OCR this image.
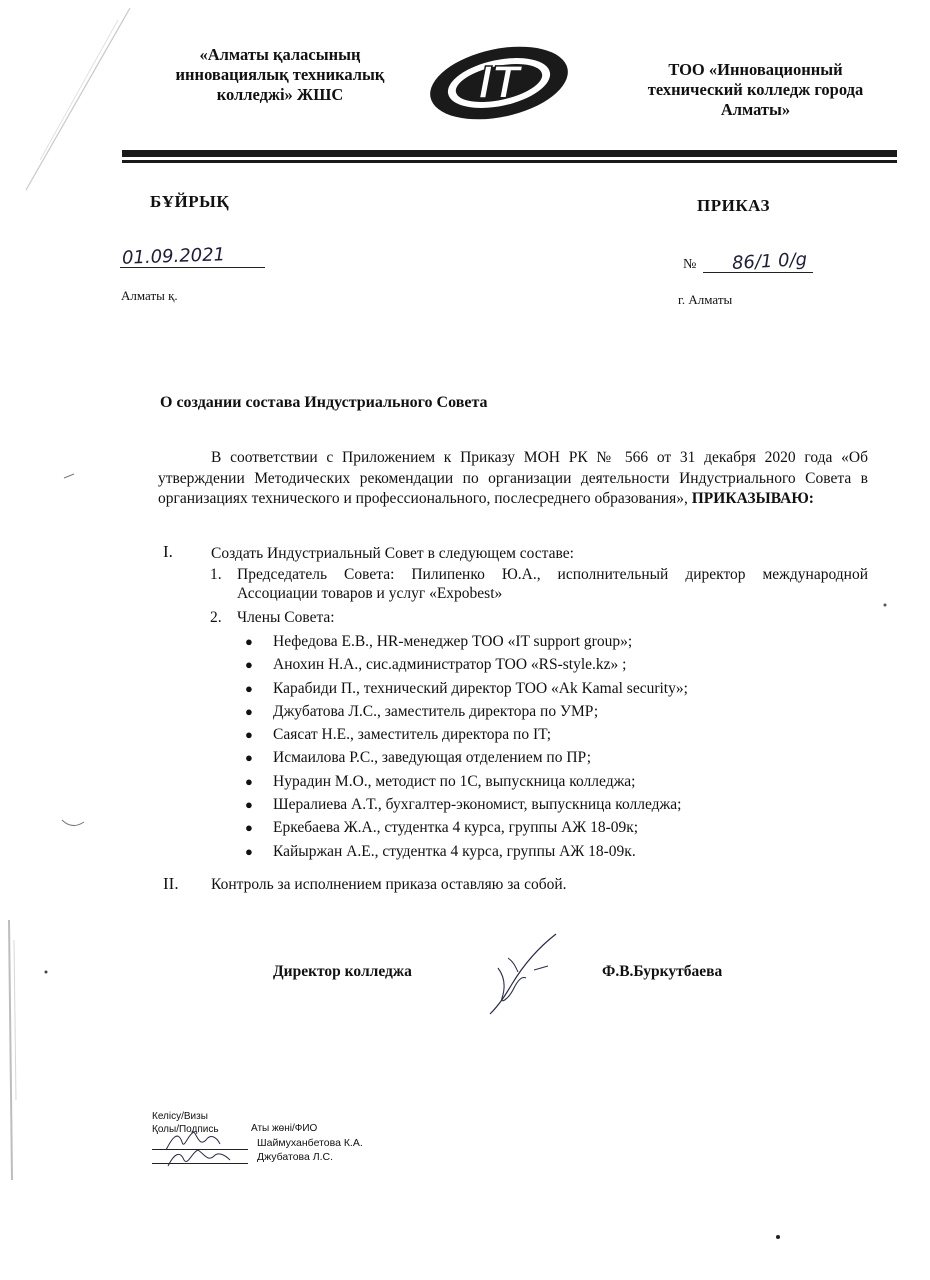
«Алматы қаласының
инновациялық техникалық
колледжі» ЖШС	IT	ТОО «Инновационный
технический колледж города
Алматы»
БҰЙРЫҚ	ПРИКАЗ
01.09.2021
Алматы қ.
№ 86/1 0/g
г. Алматы
О создании состава Индустриального Совета
В соответствии с Приложением к Приказу МОН РК № 566 от 31 декабря 2020 года «Об утверждении Методических рекомендации по организации деятельности Индустриального Совета в организациях технического и профессионального, послесреднего образования», ПРИКАЗЫВАЮ:
I. Создать Индустриальный Совет в следующем составе:
1. Председатель Совета: Пилипенко Ю.А., исполнительный директор международной Ассоциации товаров и услуг «Expobest»
2. Члены Совета:
● Нефедова Е.В., HR-менеджер ТОО «IT support group»;
● Анохин Н.А., сис.администратор ТОО «RS-style.kz» ;
● Карабиди П., технический директор ТОО «Ak Kamal security»;
● Джубатова Л.С., заместитель директора по УМР;
● Саясат Н.Е., заместитель директора по IT;
● Исмаилова Р.С., заведующая отделением по ПР;
● Нурадин М.О., методист по 1С, выпускница колледжа;
● Шералиева А.Т., бухгалтер-экономист, выпускница колледжа;
● Еркебаева Ж.А., студентка 4 курса, группы АЖ 18-09к;
● Кайыржан А.Е., студентка 4 курса, группы АЖ 18-09к.
II. Контроль за исполнением приказа оставляю за собой.
Директор колледжа	Ф.В.Буркутбаева
Келісу/Визы
Қолы/Подпись	Аты жөні/ФИО
Шаймуханбетова К.А.
Джубатова Л.С.
